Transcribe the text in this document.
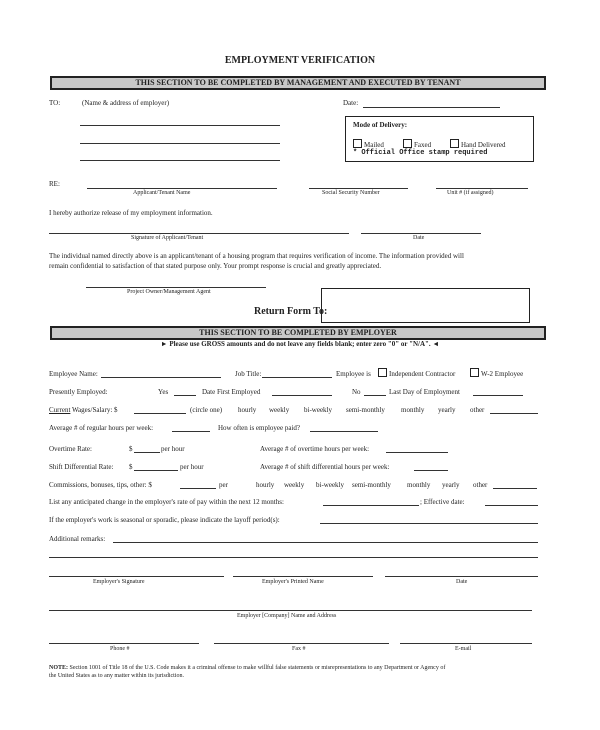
EMPLOYMENT VERIFICATION
THIS SECTION TO BE COMPLETED BY MANAGEMENT AND EXECUTED BY TENANT
TO:	(Name & address of employer)	Date:
Mode of Delivery:
Mailed	Faxed	Hand Delivered
* Official Office stamp required
RE:
Applicant/Tenant Name	Social Security Number	Unit # (if assigned)
I hereby authorize release of my employment information.
Signature of Applicant/Tenant	Date
The individual named directly above is an applicant/tenant of a housing program that requires verification of income. The information provided will
remain confidential to satisfaction of that stated purpose only. Your prompt response is crucial and greatly appreciated.
Project Owner/Management Agent
Return Form To:
THIS SECTION TO BE COMPLETED BY EMPLOYER
► Please use GROSS amounts and do not leave any fields blank; enter zero "0" or "N/A". ◄
Employee Name:	Job Title:	Employee is	Independent Contractor	W-2 Employee
Presently Employed:	Yes	Date First Employed	No	Last Day of Employment
Current Wages/Salary: $	(circle one) hourly weekly bi-weekly semi-monthly monthly yearly other
Average # of regular hours per week:	How often is employee paid?
Overtime Rate:	$	per hour	Average # of overtime hours per week:
Shift Differential Rate: $	per hour	Average # of shift differential hours per week:
Commissions, bonuses, tips, other: $	per	hourly weekly bi-weekly semi-monthly monthly yearly other
List any anticipated change in the employer's rate of pay within the next 12 months:	; Effective date:
If the employer's work is seasonal or sporadic, please indicate the layoff period(s):
Additional remarks:
Employer's Signature	Employer's Printed Name	Date
Employer [Company] Name and Address
Phone #	Fax #	E-mail
NOTE: Section 1001 of Title 18 of the U.S. Code makes it a criminal offense to make willful false statements or misrepresentations to any Department or Agency of
the United States as to any matter within its jurisdiction.
